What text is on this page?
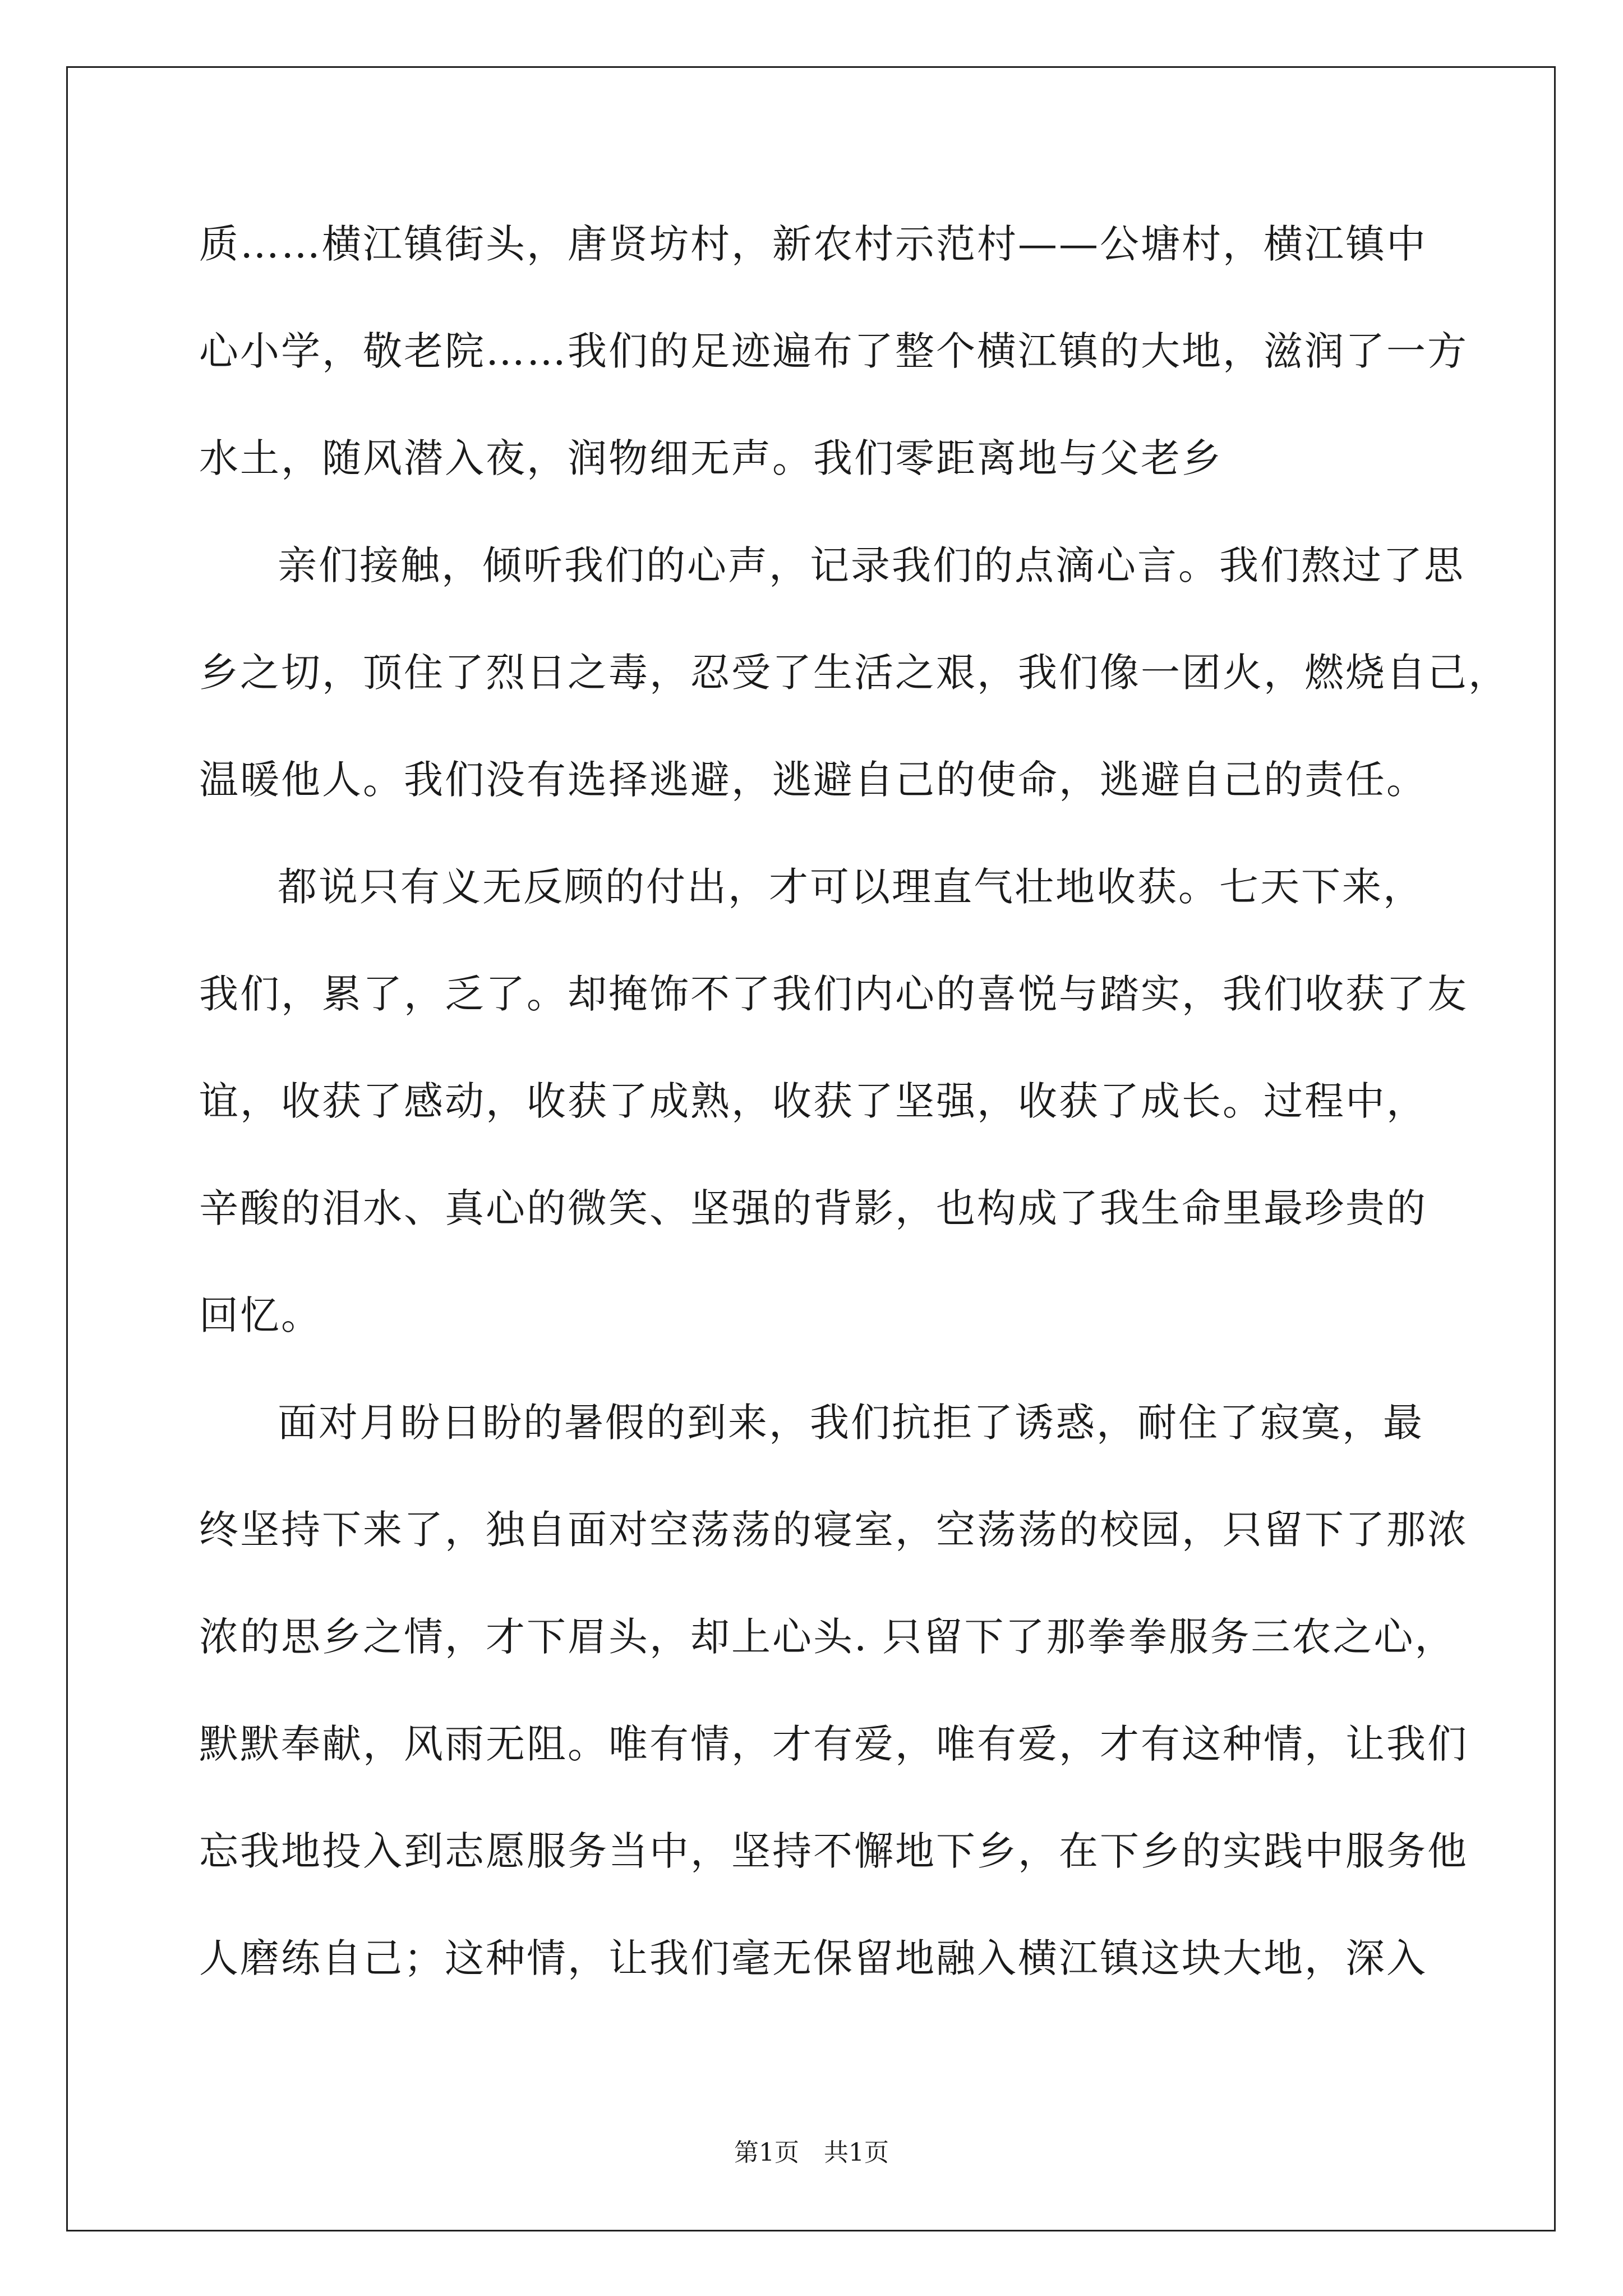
质……横江镇街头，唐贤坊村，新农村示范村——公塘村，横江镇中
心小学，敬老院……我们的足迹遍布了整个横江镇的大地，滋润了一方
水土，随风潜入夜，润物细无声。我们零距离地与父老乡
亲们接触，倾听我们的心声，记录我们的点滴心言。我们熬过了思
乡之切，顶住了烈日之毒，忍受了生活之艰，我们像一团火，燃烧自己，
温暖他人。我们没有选择逃避，逃避自己的使命，逃避自己的责任。
都说只有义无反顾的付出，才可以理直气壮地收获。七天下来，
我们，累了，乏了。却掩饰不了我们内心的喜悦与踏实，我们收获了友
谊，收获了感动，收获了成熟，收获了坚强，收获了成长。过程中，
辛酸的泪水、真心的微笑、坚强的背影，也构成了我生命里最珍贵的
回忆。
面对月盼日盼的暑假的到来，我们抗拒了诱惑，耐住了寂寞，最
终坚持下来了，独自面对空荡荡的寝室，空荡荡的校园，只留下了那浓
浓的思乡之情，才下眉头，却上心头. 只留下了那拳拳服务三农之心，
默默奉献，风雨无阻。唯有情，才有爱，唯有爱，才有这种情，让我们
忘我地投入到志愿服务当中，坚持不懈地下乡，在下乡的实践中服务他
人磨练自己；这种情，让我们毫无保留地融入横江镇这块大地，深入
第1页　共1页
